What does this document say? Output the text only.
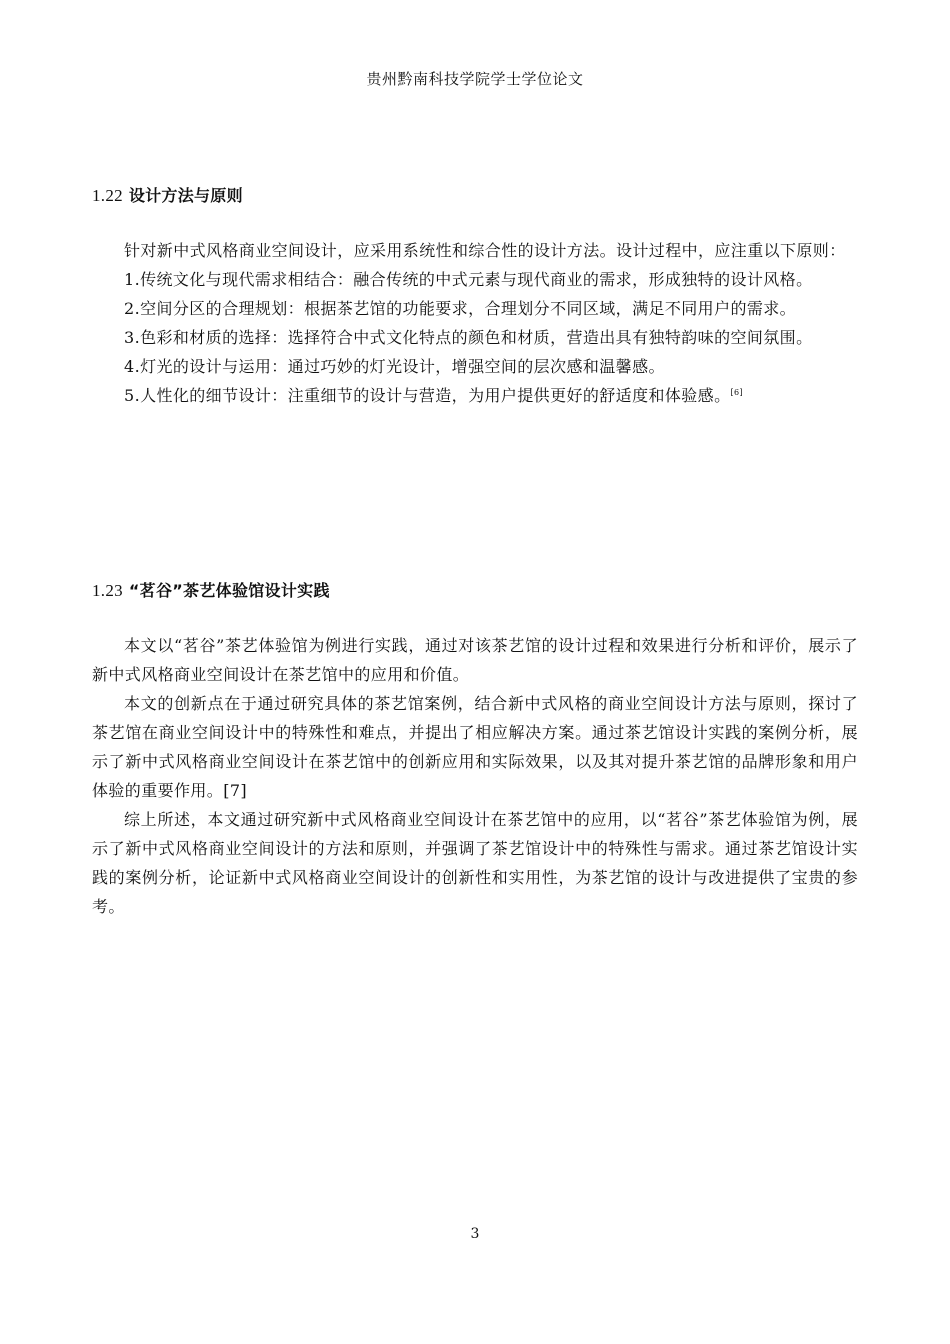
贵州黔南科技学院学士学位论文
1.22 设计方法与原则

针对新中式风格商业空间设计，应采用系统性和综合性的设计方法。设计过程中，应注重以下原则：

1.传统文化与现代需求相结合：融合传统的中式元素与现代商业的需求，形成独特的设计风格。

2.空间分区的合理规划：根据茶艺馆的功能要求，合理划分不同区域，满足不同用户的需求。

3.色彩和材质的选择：选择符合中式文化特点的颜色和材质，营造出具有独特韵味的空间氛围。

4.灯光的设计与运用：通过巧妙的灯光设计，增强空间的层次感和温馨感。

5.人性化的细节设计：注重细节的设计与营造，为用户提供更好的舒适度和体验感。[6]

1.23 “茗谷”茶艺体验馆设计实践

本文以“茗谷”茶艺体验馆为例进行实践，通过对该茶艺馆的设计过程和效果进行分析和评价，展示了新中式风格商业空间设计在茶艺馆中的应用和价值。

本文的创新点在于通过研究具体的茶艺馆案例，结合新中式风格的商业空间设计方法与原则，探讨了茶艺馆在商业空间设计中的特殊性和难点，并提出了相应解决方案。通过茶艺馆设计实践的案例分析，展示了新中式风格商业空间设计在茶艺馆中的创新应用和实际效果，以及其对提升茶艺馆的品牌形象和用户体验的重要作用。[7]

综上所述，本文通过研究新中式风格商业空间设计在茶艺馆中的应用，以“茗谷”茶艺体验馆为例，展示了新中式风格商业空间设计的方法和原则，并强调了茶艺馆设计中的特殊性与需求。通过茶艺馆设计实践的案例分析，论证新中式风格商业空间设计的创新性和实用性，为茶艺馆的设计与改进提供了宝贵的参考。

3
